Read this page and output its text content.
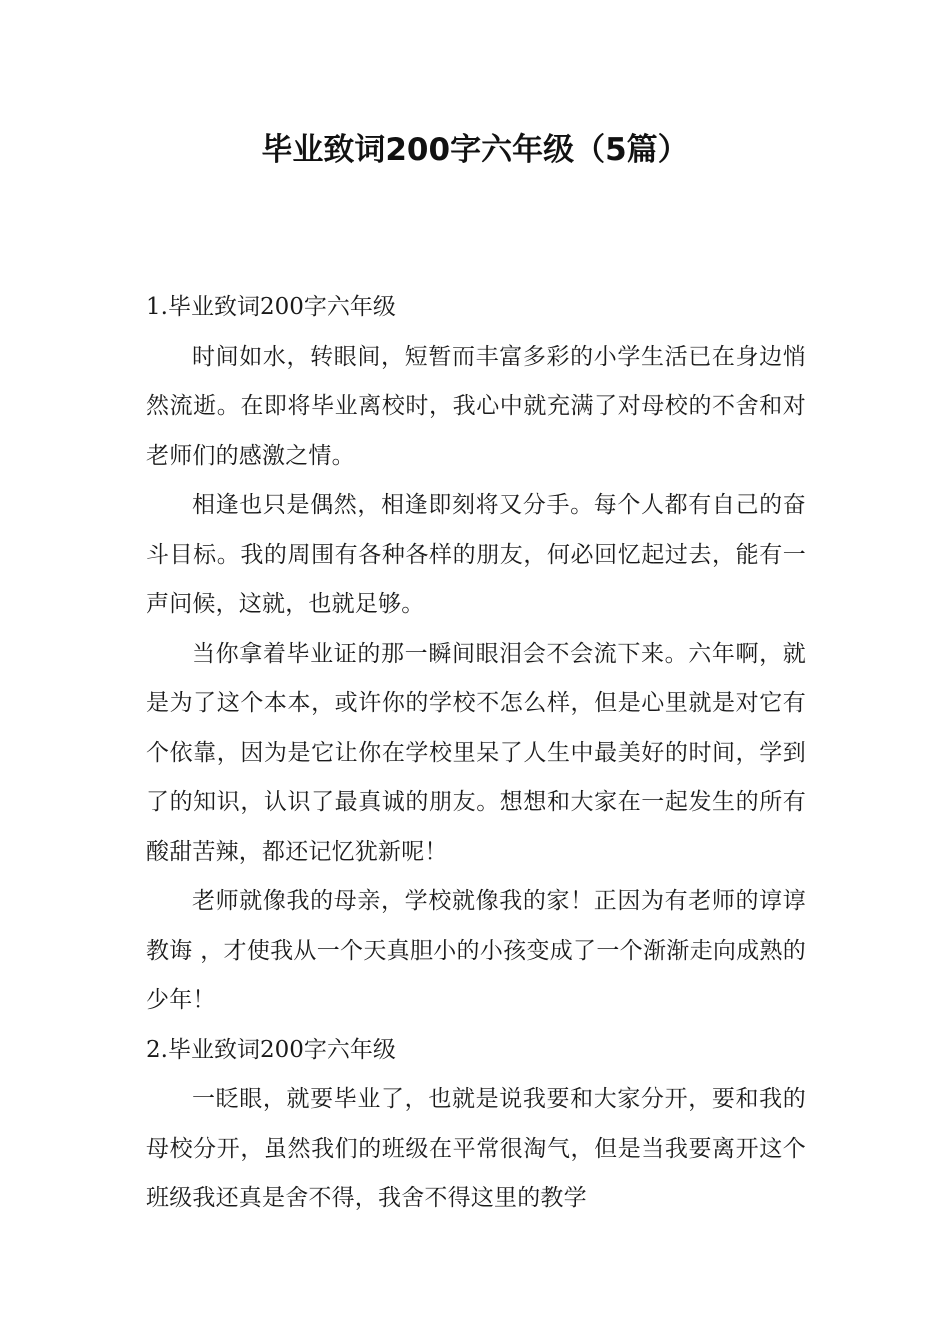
毕业致词200字六年级（5篇）
1.毕业致词200字六年级

时间如水，转眼间，短暂而丰富多彩的小学生活已在身边悄然流逝。在即将毕业离校时，我心中就充满了对母校的不舍和对老师们的感激之情。

相逢也只是偶然，相逢即刻将又分手。每个人都有自己的奋斗目标。我的周围有各种各样的朋友，何必回忆起过去，能有一声问候，这就，也就足够。

当你拿着毕业证的那一瞬间眼泪会不会流下来。六年啊，就是为了这个本本，或许你的学校不怎么样，但是心里就是对它有个依靠，因为是它让你在学校里呆了人生中最美好的时间，学到了的知识，认识了最真诚的朋友。想想和大家在一起发生的所有酸甜苦辣，都还记忆犹新呢！

老师就像我的母亲，学校就像我的家！正因为有老师的谆谆教诲 ，才使我从一个天真胆小的小孩变成了一个渐渐走向成熟的少年！

2.毕业致词200字六年级

一眨眼，就要毕业了，也就是说我要和大家分开，要和我的母校分开，虽然我们的班级在平常很淘气，但是当我要离开这个班级我还真是舍不得，我舍不得这里的教学
